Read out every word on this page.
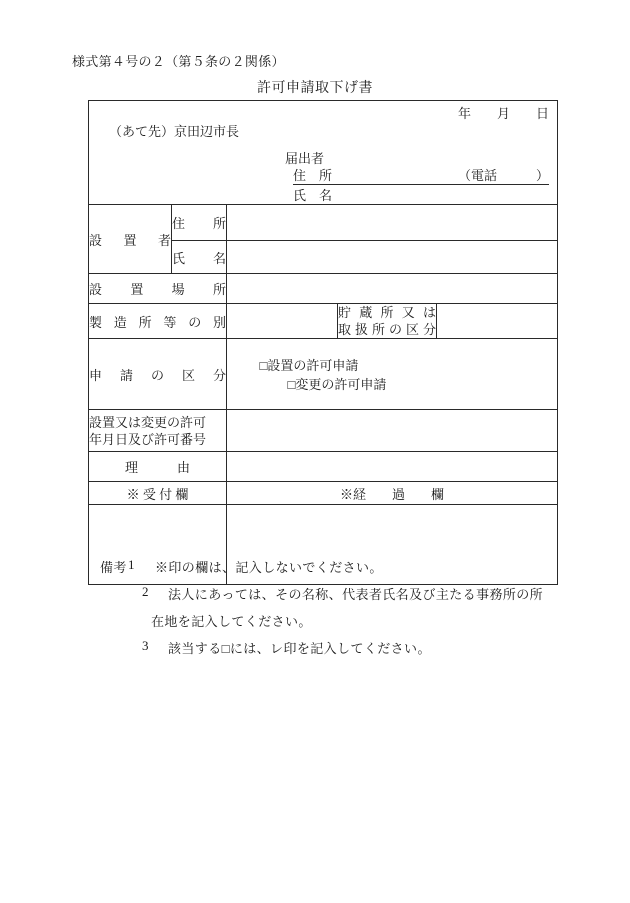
様式第４号の２（第５条の２関係）
許可申請取下げ書
年　　月　　日
（あて先）京田辺市長
届出者
住　所	（電話　　　）
氏　名

設　置　者	住　所			
	氏　名			
設　置　場　所				
製 造 所 等 の 別			貯蔵所又は
取扱所の区分	

申 請 の 区 分		□設置の許可申請
□変更の許可申請		

設置又は変更の許可
年月日及び許可番号				

理　　　由				
※ 受 付 欄		※経　　過　　欄		

備考 1 ※印の欄は、記入しないでください。
2 法人にあっては、その名称、代表者氏名及び主たる事務所の所
在地を記入してください。
3 該当する□には、レ印を記入してください。
